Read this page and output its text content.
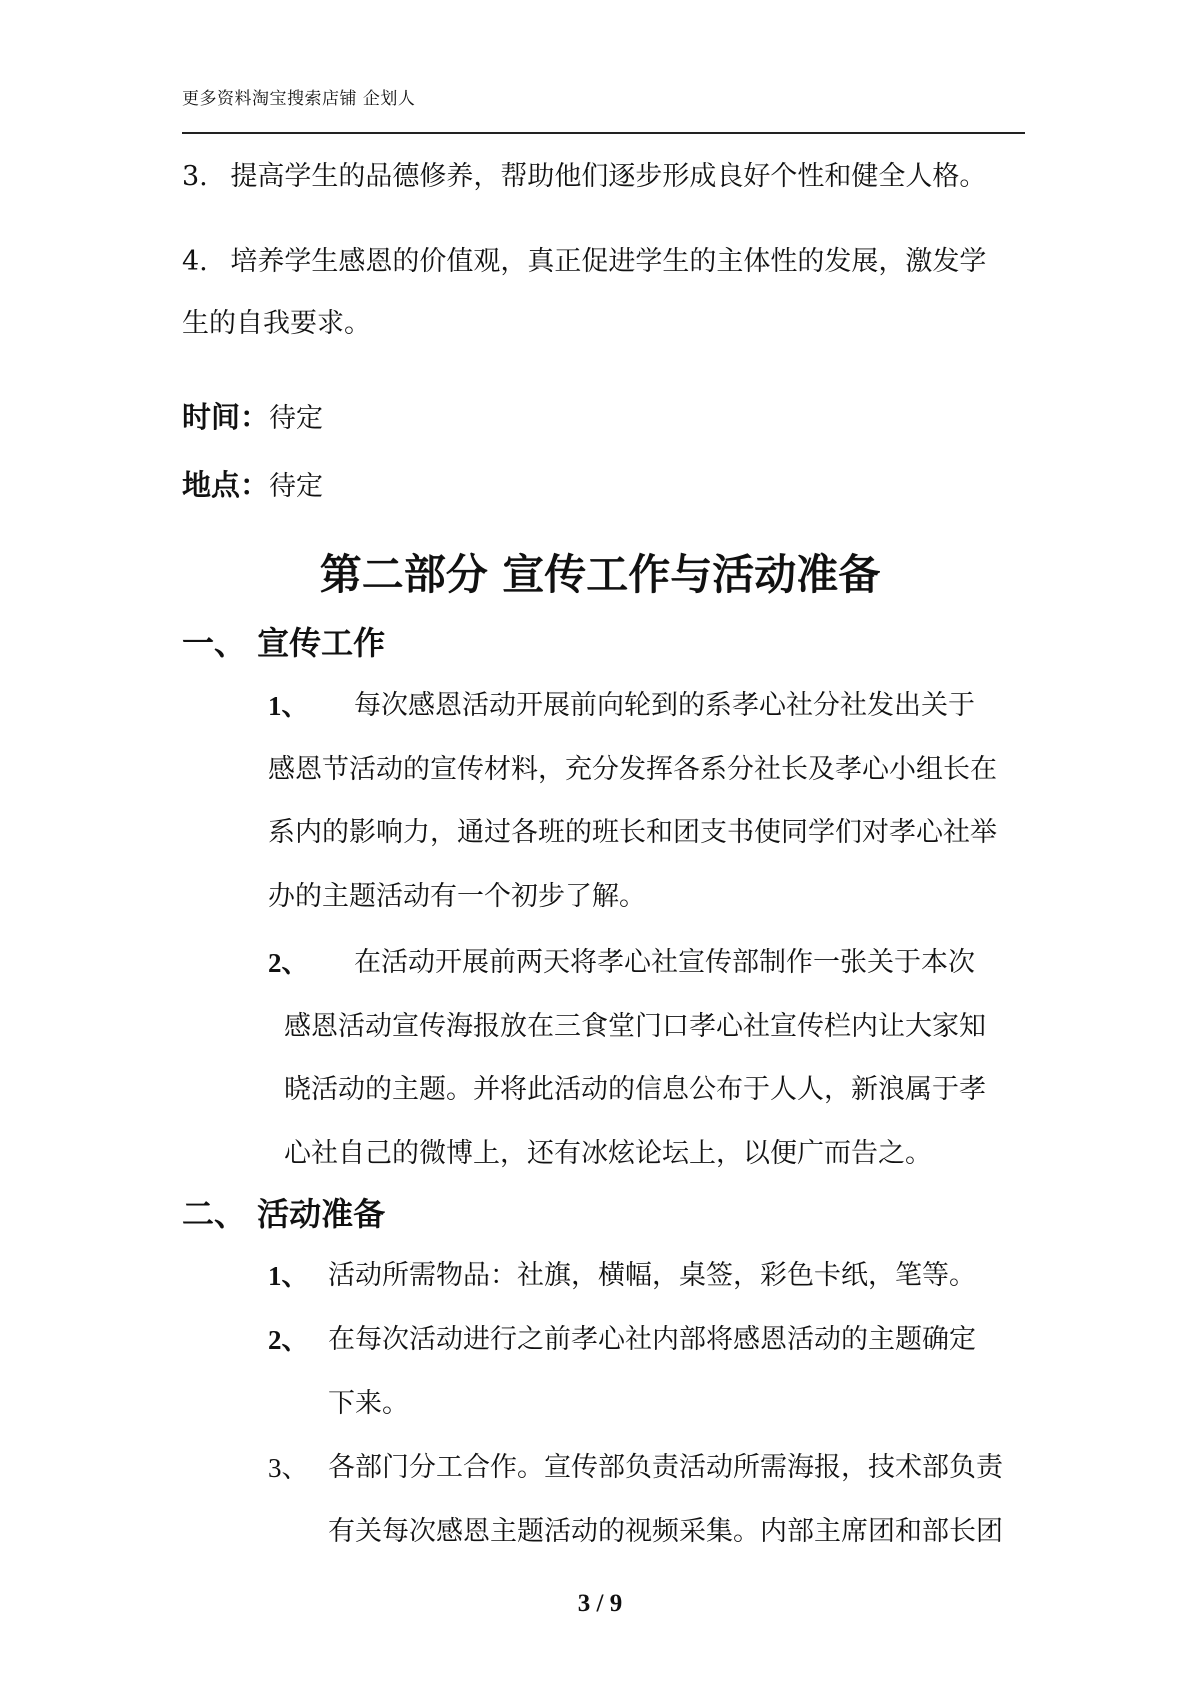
更多资料淘宝搜索店铺 企划人
3. 提高学生的品德修养，帮助他们逐步形成良好个性和健全人格。
4. 培养学生感恩的价值观，真正促进学生的主体性的发展，激发学
生的自我要求。
时间：待定
地点：待定
第二部分 宣传工作与活动准备
一、 宣传工作
1、 每次感恩活动开展前向轮到的系孝心社分社发出关于
感恩节活动的宣传材料，充分发挥各系分社长及孝心小组长在
系内的影响力，通过各班的班长和团支书使同学们对孝心社举
办的主题活动有一个初步了解。
2、 在活动开展前两天将孝心社宣传部制作一张关于本次
感恩活动宣传海报放在三食堂门口孝心社宣传栏内让大家知
晓活动的主题。并将此活动的信息公布于人人，新浪属于孝
心社自己的微博上，还有冰炫论坛上，以便广而告之。
二、 活动准备
1、 活动所需物品：社旗，横幅，桌签，彩色卡纸，笔等。
2、 在每次活动进行之前孝心社内部将感恩活动的主题确定
下来。
3、 各部门分工合作。宣传部负责活动所需海报，技术部负责
有关每次感恩主题活动的视频采集。内部主席团和部长团
3 / 9
